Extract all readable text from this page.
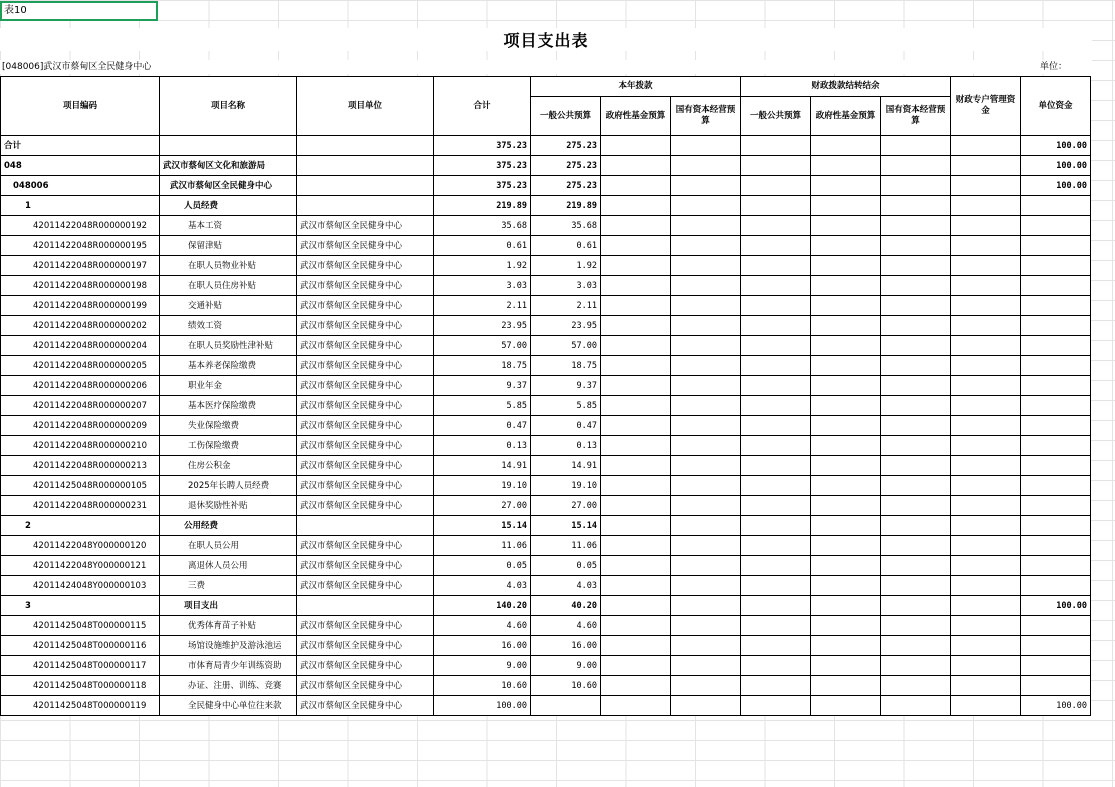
表10
项目支出表
[048006]武汉市蔡甸区全民健身中心	单位：
项目编码	项目名称	项目单位	合计	本年拨款			财政拨款结转结余			财政专户管理资金	单位资金
				一般公共预算	政府性基金预算	国有资本经营预算	一般公共预算	政府性基金预算	国有资本经营预算		
合计			375.23	275.23							100.00
048	武汉市蔡甸区文化和旅游局		375.23	275.23							100.00
048006	武汉市蔡甸区全民健身中心		375.23	275.23							100.00
1	人员经费		219.89	219.89							
42011422048R000000192	基本工资	武汉市蔡甸区全民健身中心	35.68	35.68							
42011422048R000000195	保留津贴	武汉市蔡甸区全民健身中心	0.61	0.61							
42011422048R000000197	在职人员物业补贴	武汉市蔡甸区全民健身中心	1.92	1.92							
42011422048R000000198	在职人员住房补贴	武汉市蔡甸区全民健身中心	3.03	3.03							
42011422048R000000199	交通补贴	武汉市蔡甸区全民健身中心	2.11	2.11							
42011422048R000000202	绩效工资	武汉市蔡甸区全民健身中心	23.95	23.95							
42011422048R000000204	在职人员奖励性津补贴	武汉市蔡甸区全民健身中心	57.00	57.00							
42011422048R000000205	基本养老保险缴费	武汉市蔡甸区全民健身中心	18.75	18.75							
42011422048R000000206	职业年金	武汉市蔡甸区全民健身中心	9.37	9.37							
42011422048R000000207	基本医疗保险缴费	武汉市蔡甸区全民健身中心	5.85	5.85							
42011422048R000000209	失业保险缴费	武汉市蔡甸区全民健身中心	0.47	0.47							
42011422048R000000210	工伤保险缴费	武汉市蔡甸区全民健身中心	0.13	0.13							
42011422048R000000213	住房公积金	武汉市蔡甸区全民健身中心	14.91	14.91							
42011425048R000000105	2025年长聘人员经费	武汉市蔡甸区全民健身中心	19.10	19.10							
42011422048R000000231	退休奖励性补贴	武汉市蔡甸区全民健身中心	27.00	27.00							
2	公用经费		15.14	15.14							
42011422048Y000000120	在职人员公用	武汉市蔡甸区全民健身中心	11.06	11.06							
42011422048Y000000121	离退休人员公用	武汉市蔡甸区全民健身中心	0.05	0.05							
42011424048Y000000103	三费	武汉市蔡甸区全民健身中心	4.03	4.03							
3	项目支出		140.20	40.20							100.00
42011425048T000000115	优秀体育苗子补贴	武汉市蔡甸区全民健身中心	4.60	4.60							
42011425048T000000116	场馆设施维护及游泳池运	武汉市蔡甸区全民健身中心	16.00	16.00							
42011425048T000000117	市体育局青少年训练资助	武汉市蔡甸区全民健身中心	9.00	9.00							
42011425048T000000118	办证、注册、训练、竞赛	武汉市蔡甸区全民健身中心	10.60	10.60							
42011425048T000000119	全民健身中心单位往来款	武汉市蔡甸区全民健身中心	100.00								100.00
